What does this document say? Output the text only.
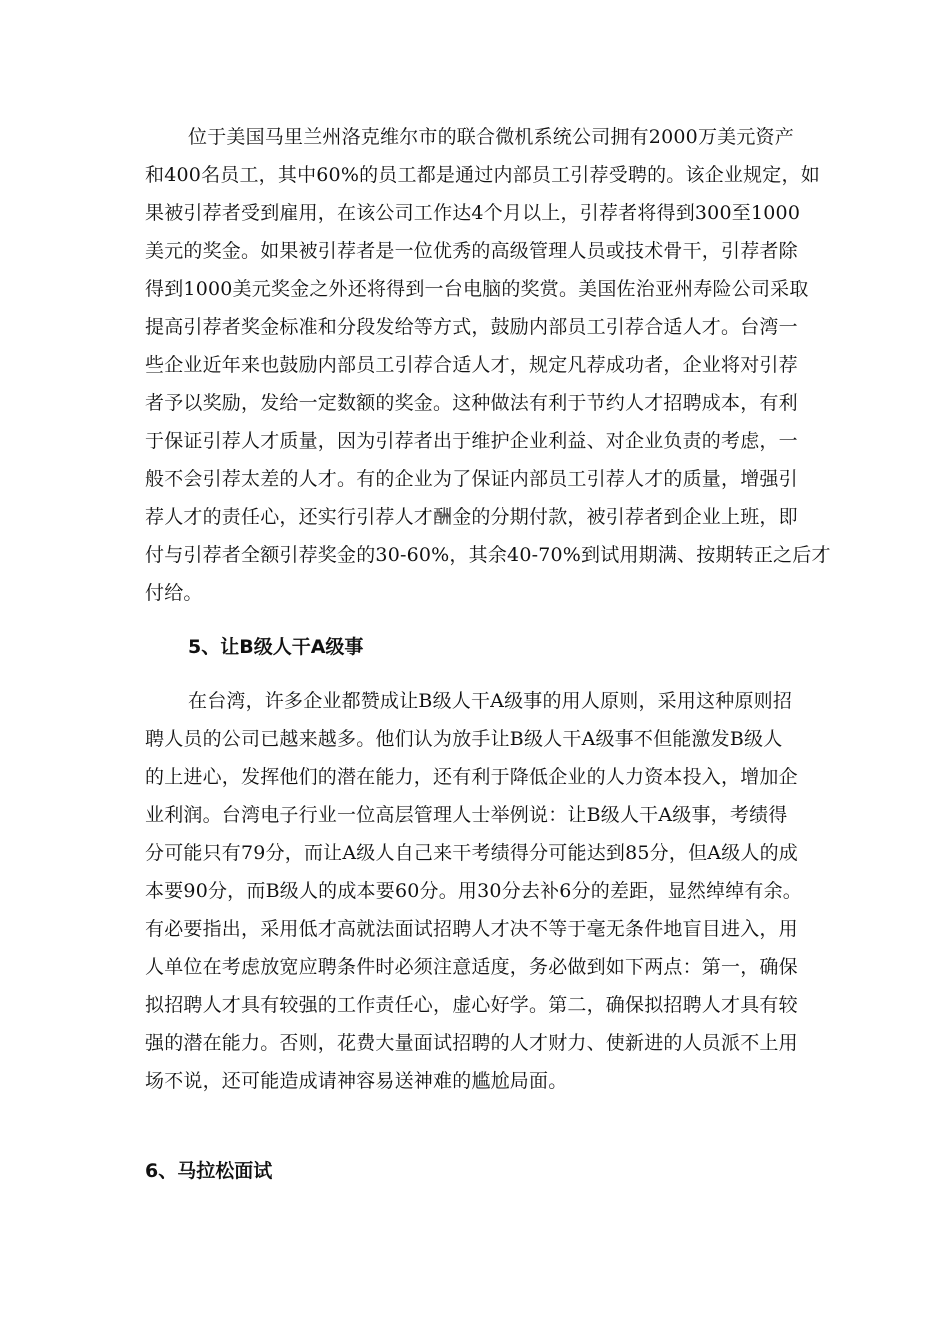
位于美国马里兰州洛克维尔市的联合微机系统公司拥有2000万美元资产
和400名员工，其中60%的员工都是通过内部员工引荐受聘的。该企业规定，如
果被引荐者受到雇用，在该公司工作达4个月以上，引荐者将得到300至1000
美元的奖金。如果被引荐者是一位优秀的高级管理人员或技术骨干，引荐者除
得到1000美元奖金之外还将得到一台电脑的奖赏。美国佐治亚州寿险公司采取
提高引荐者奖金标准和分段发给等方式，鼓励内部员工引荐合适人才。台湾一
些企业近年来也鼓励内部员工引荐合适人才，规定凡荐成功者，企业将对引荐
者予以奖励，发给一定数额的奖金。这种做法有利于节约人才招聘成本，有利
于保证引荐人才质量，因为引荐者出于维护企业利益、对企业负责的考虑，一
般不会引荐太差的人才。有的企业为了保证内部员工引荐人才的质量，增强引
荐人才的责任心，还实行引荐人才酬金的分期付款，被引荐者到企业上班，即
付与引荐者全额引荐奖金的30-60%，其余40-70%到试用期满、按期转正之后才
付给。
5、让B级人干A级事
在台湾，许多企业都赞成让B级人干A级事的用人原则，采用这种原则招
聘人员的公司已越来越多。他们认为放手让B级人干A级事不但能激发B级人
的上进心，发挥他们的潜在能力，还有利于降低企业的人力资本投入，增加企
业利润。台湾电子行业一位高层管理人士举例说：让B级人干A级事，考绩得
分可能只有79分，而让A级人自己来干考绩得分可能达到85分，但A级人的成
本要90分，而B级人的成本要60分。用30分去补6分的差距，显然绰绰有余。
有必要指出，采用低才高就法面试招聘人才决不等于毫无条件地盲目进入，用
人单位在考虑放宽应聘条件时必须注意适度，务必做到如下两点：第一，确保
拟招聘人才具有较强的工作责任心，虚心好学。第二，确保拟招聘人才具有较
强的潜在能力。否则，花费大量面试招聘的人才财力、使新进的人员派不上用
场不说，还可能造成请神容易送神难的尴尬局面。
6、马拉松面试
